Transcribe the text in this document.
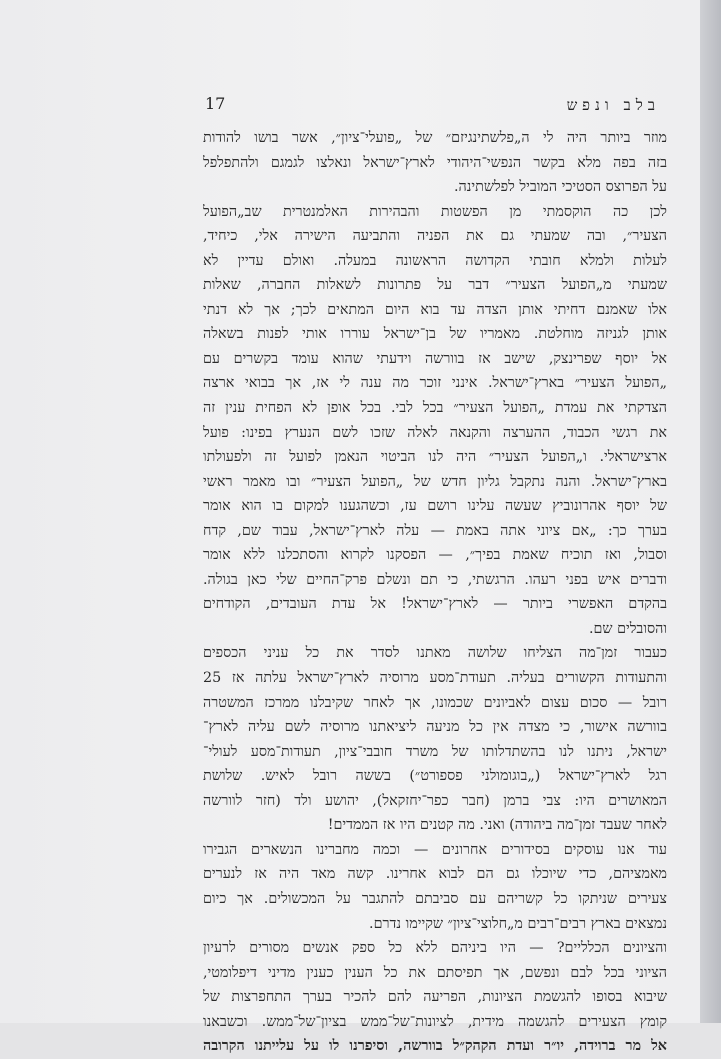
בלב ונפש
17
מוזר ביותר היה לי ה„פלשתינגיזם״ של „פועלי־ציון״, אשר בושו להודות
בזה בפה מלא בקשר הנפשי־היהודי לארץ־ישראל ונאלצו לגמגם ולהתפלפל
על הפרוצס הסטיכי המוביל לפלשתינה.
לכן כה הוקסמתי מן הפשטות והבהירות האלמנטרית שב„הפועל
הצעיר״, ובה שמעתי גם את הפניה והתביעה הישירה אלי, כיחיד,
לעלות ולמלא חובתי הקדושה הראשונה במעלה. ואולם עדיין לא
שמעתי מ„הפועל הצעיר״ דבר על פתרונות לשאלות החברה, שאלות
אלו שאמנם דחיתי אותן הצדה עד בוא היום המתאים לכך; אך לא דנתי
אותן לגניזה מוחלטת. מאמריו של בן־ישראל עוררו אותי לפנות בשאלה
אל יוסף שפרינצק, שישב אז בוורשה וידעתי שהוא עומד בקשרים עם
„הפועל הצעיר״ בארץ־ישראל. אינני זוכר מה ענה לי אז, אך בבואי ארצה
הצדקתי את עמדת „הפועל הצעיר״ בכל לבי. בכל אופן לא הפחית ענין זה
את רגשי הכבוד, ההערצה והקנאה לאלה שזכו לשם הנערץ בפינו: פועל
ארצישראלי. ו„הפועל הצעיר״ היה לנו הביטוי הנאמן לפועל זה ולפעולתו
בארץ־ישראל. והנה נתקבל גליון חדש של „הפועל הצעיר״ ובו מאמר ראשי
של יוסף אהרונוביץ שעשה עלינו רושם עז, וכשהגענו למקום בו הוא אומר
בערך כך: „אם ציוני אתה באמת — עלה לארץ־ישראל, עבוד שם, קדח
וסבול, ואז תוכיח שאמת בפיך״, — הפסקנו לקרוא והסתכלנו ללא אומר
ודברים איש בפני רעהו. הרגשתי, כי תם ונשלם פרק־החיים שלי כאן בגולה.
בהקדם האפשרי ביותר — לארץ־ישראל! אל עדת העובדים, הקודחים
והסובלים שם.
כעבור זמן־מה הצליחו שלושה מאתנו לסדר את כל עניני הכספים
והתעודות הקשורים בעליה. תעודת־מסע מרוסיה לארץ־ישראל עלתה אז 25
רובל — סכום עצום לאביונים שכמונו, אך לאחר שקיבלנו ממרכז המשטרה
בוורשה אישור, כי מצדה אין כל מניעה ליציאתנו מרוסיה לשם עליה לארץ־
ישראל, ניתנו לנו בהשתדלותו של משרד חובבי־ציון, תעודות־מסע לעולי־
רגל לארץ־ישראל („בוגומולני פספורט״) בששה רובל לאיש. שלושת
המאושרים היו: צבי ברמן (חבר כפר־יחזקאל), יהושע ולד (חזר לוורשה
לאחר שעבד זמן־מה ביהודה) ואני. מה קטנים היו אז הממדים!
עוד אנו עוסקים בסידורים אחרונים — וכמה מחברינו הנשארים הגבירו
מאמציהם, כדי שיוכלו גם הם לבוא אחרינו. קשה מאד היה אז לנערים
צעירים שניתקו כל קשריהם עם סביבתם להתגבר על המכשולים. אך כיום
נמצאים בארץ רבים־רבים מ„חלוצי־ציון״ שקיימו נדרם.
והציונים הכלליים? — היו ביניהם ללא כל ספק אנשים מסורים לרעיון
הציוני בכל לבם ונפשם, אך תפיסתם את כל הענין כענין מדיני דיפלומטי,
שיבוא בסופו להגשמת הציונות, הפריעה להם להכיר בערך התחפרצות של
קומץ הצעירים להגשמה מידית, לציונות־של־ממש בציון־של־ממש. וכשבאנו
אל מר ברוידה, יו״ר ועדת הקהק״ל בוורשה, וסיפרנו לו על עלייתנו הקרובה
